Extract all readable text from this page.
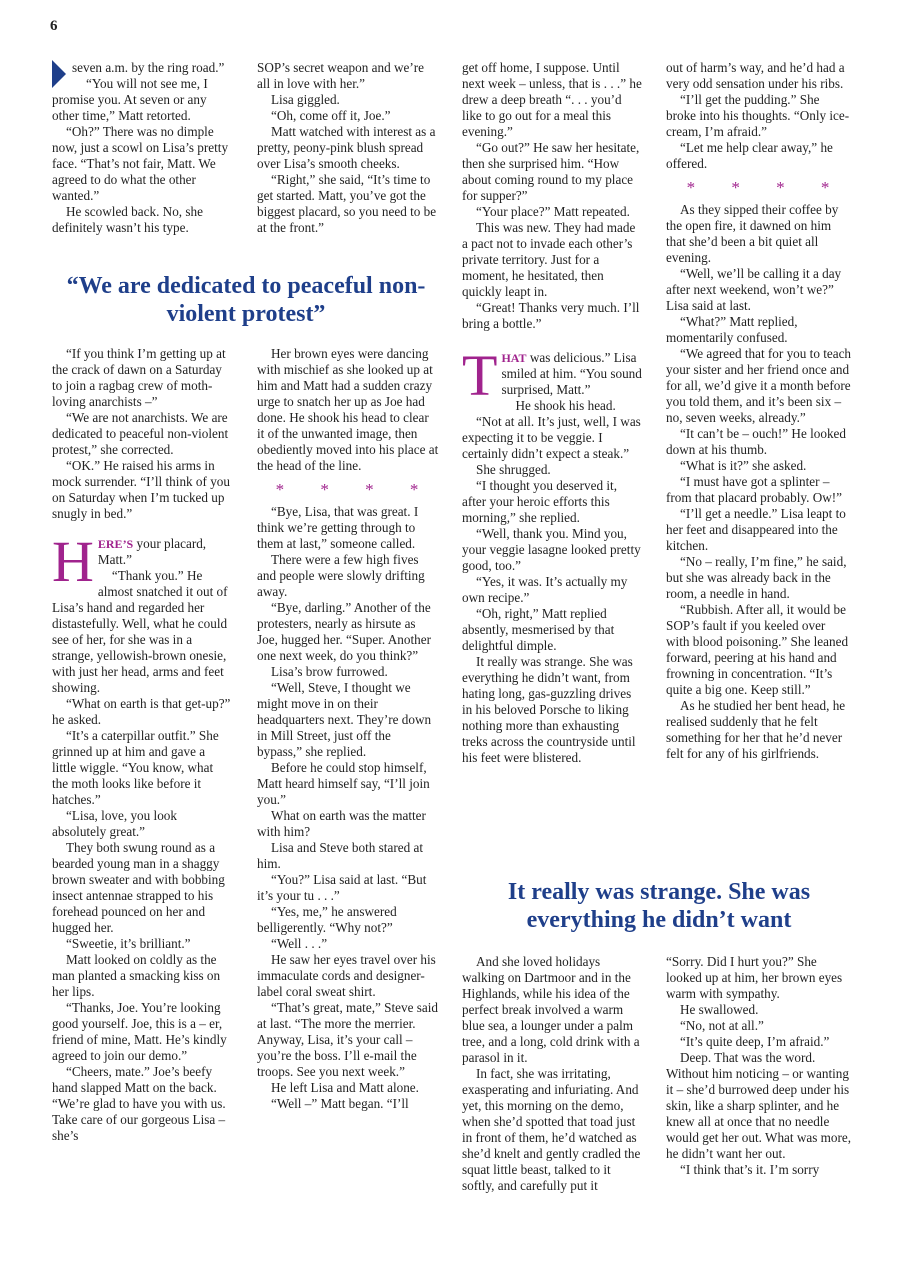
6

seven a.m. by the ring road.”

“You will not see me, I promise you. At seven or any other time,” Matt retorted.

“Oh?” There was no dimple now, just a scowl on Lisa’s pretty face. “That’s not fair, Matt. We agreed to do what the other wanted.”

He scowled back. No, she definitely wasn’t his type.

SOP’s secret weapon and we’re all in love with her.”

Lisa giggled.

“Oh, come off it, Joe.”

Matt watched with interest as a pretty, peony-pink blush spread over Lisa’s smooth cheeks.

“Right,” she said, “It’s time to get started. Matt, you’ve got the biggest placard, so you need to be at the front.”

“We are dedicated to peaceful non-violent protest”

“If you think I’m getting up at the crack of dawn on a Saturday to join a ragbag crew of moth-loving anarchists –”

“We are not anarchists. We are dedicated to peaceful non-violent protest,” she corrected.

“OK.” He raised his arms in mock surrender. “I’ll think of you on Saturday when I’m tucked up snugly in bed.”

HERE’S your placard, Matt.”

“Thank you.” He almost snatched it out of Lisa’s hand and regarded her distastefully. Well, what he could see of her, for she was in a strange, yellowish-brown onesie, with just her head, arms and feet showing.

“What on earth is that get-up?” he asked.

“It’s a caterpillar outfit.” She grinned up at him and gave a little wiggle. “You know, what the moth looks like before it hatches.”

“Lisa, love, you look absolutely great.”

They both swung round as a bearded young man in a shaggy brown sweater and with bobbing insect antennae strapped to his forehead pounced on her and hugged her.

“Sweetie, it’s brilliant.”

Matt looked on coldly as the man planted a smacking kiss on her lips.

“Thanks, Joe. You’re looking good yourself. Joe, this is a – er, friend of mine, Matt. He’s kindly agreed to join our demo.”

“Cheers, mate.” Joe’s beefy hand slapped Matt on the back. “We’re glad to have you with us. Take care of our gorgeous Lisa – she’s

Her brown eyes were dancing with mischief as she looked up at him and Matt had a sudden crazy urge to snatch her up as Joe had done. He shook his head to clear it of the unwanted image, then obediently moved into his place at the head of the line.

* * * *

“Bye, Lisa, that was great. I think we’re getting through to them at last,” someone called.

There were a few high fives and people were slowly drifting away.

“Bye, darling.” Another of the protesters, nearly as hirsute as Joe, hugged her. “Super. Another one next week, do you think?”

Lisa’s brow furrowed.

“Well, Steve, I thought we might move in on their headquarters next. They’re down in Mill Street, just off the bypass,” she replied.

Before he could stop himself, Matt heard himself say, “I’ll join you.”

What on earth was the matter with him?

Lisa and Steve both stared at him.

“You?” Lisa said at last. “But it’s your tu . . .”

“Yes, me,” he answered belligerently. “Why not?”

“Well . . .”

He saw her eyes travel over his immaculate cords and designer-label coral sweat shirt.

“That’s great, mate,” Steve said at last. “The more the merrier. Anyway, Lisa, it’s your call – you’re the boss. I’ll e-mail the troops. See you next week.”

He left Lisa and Matt alone.

“Well –” Matt began. “I’ll

get off home, I suppose. Until next week – unless, that is . . .” he drew a deep breath “. . . you’d like to go out for a meal this evening.”

“Go out?” He saw her hesitate, then she surprised him. “How about coming round to my place for supper?”

“Your place?” Matt repeated.

This was new. They had made a pact not to invade each other’s private territory. Just for a moment, he hesitated, then quickly leapt in.

“Great! Thanks very much. I’ll bring a bottle.”

THAT was delicious.” Lisa smiled at him. “You sound surprised, Matt.”

He shook his head.

“Not at all. It’s just, well, I was expecting it to be veggie. I certainly didn’t expect a steak.”

She shrugged.

“I thought you deserved it, after your heroic efforts this morning,” she replied.

“Well, thank you. Mind you, your veggie lasagne looked pretty good, too.”

“Yes, it was. It’s actually my own recipe.”

“Oh, right,” Matt replied absently, mesmerised by that delightful dimple.

It really was strange. She was everything he didn’t want, from hating long, gas-guzzling drives in his beloved Porsche to liking nothing more than exhausting treks across the countryside until his feet were blistered.

out of harm’s way, and he’d had a very odd sensation under his ribs.

“I’ll get the pudding.” She broke into his thoughts. “Only ice-cream, I’m afraid.”

“Let me help clear away,” he offered.

* * * *

As they sipped their coffee by the open fire, it dawned on him that she’d been a bit quiet all evening.

“Well, we’ll be calling it a day after next weekend, won’t we?” Lisa said at last.

“What?” Matt replied, momentarily confused.

“We agreed that for you to teach your sister and her friend once and for all, we’d give it a month before you told them, and it’s been six – no, seven weeks, already.”

“It can’t be – ouch!” He looked down at his thumb.

“What is it?” she asked.

“I must have got a splinter – from that placard probably. Ow!”

“I’ll get a needle.” Lisa leapt to her feet and disappeared into the kitchen.

“No – really, I’m fine,” he said, but she was already back in the room, a needle in hand.

“Rubbish. After all, it would be SOP’s fault if you keeled over with blood poisoning.” She leaned forward, peering at his hand and frowning in concentration. “It’s quite a big one. Keep still.”

As he studied her bent head, he realised suddenly that he felt something for her that he’d never felt for any of his girlfriends.

It really was strange. She was everything he didn’t want

And she loved holidays walking on Dartmoor and in the Highlands, while his idea of the perfect break involved a warm blue sea, a lounger under a palm tree, and a long, cold drink with a parasol in it.

In fact, she was irritating, exasperating and infuriating. And yet, this morning on the demo, when she’d spotted that toad just in front of them, he’d watched as she’d knelt and gently cradled the squat little beast, talked to it softly, and carefully put it

“Sorry. Did I hurt you?” She looked up at him, her brown eyes warm with sympathy.

He swallowed.

“No, not at all.”

“It’s quite deep, I’m afraid.”

Deep. That was the word. Without him noticing – or wanting it – she’d burrowed deep under his skin, like a sharp splinter, and he knew all at once that no needle would get her out. What was more, he didn’t want her out.

“I think that’s it. I’m sorry
